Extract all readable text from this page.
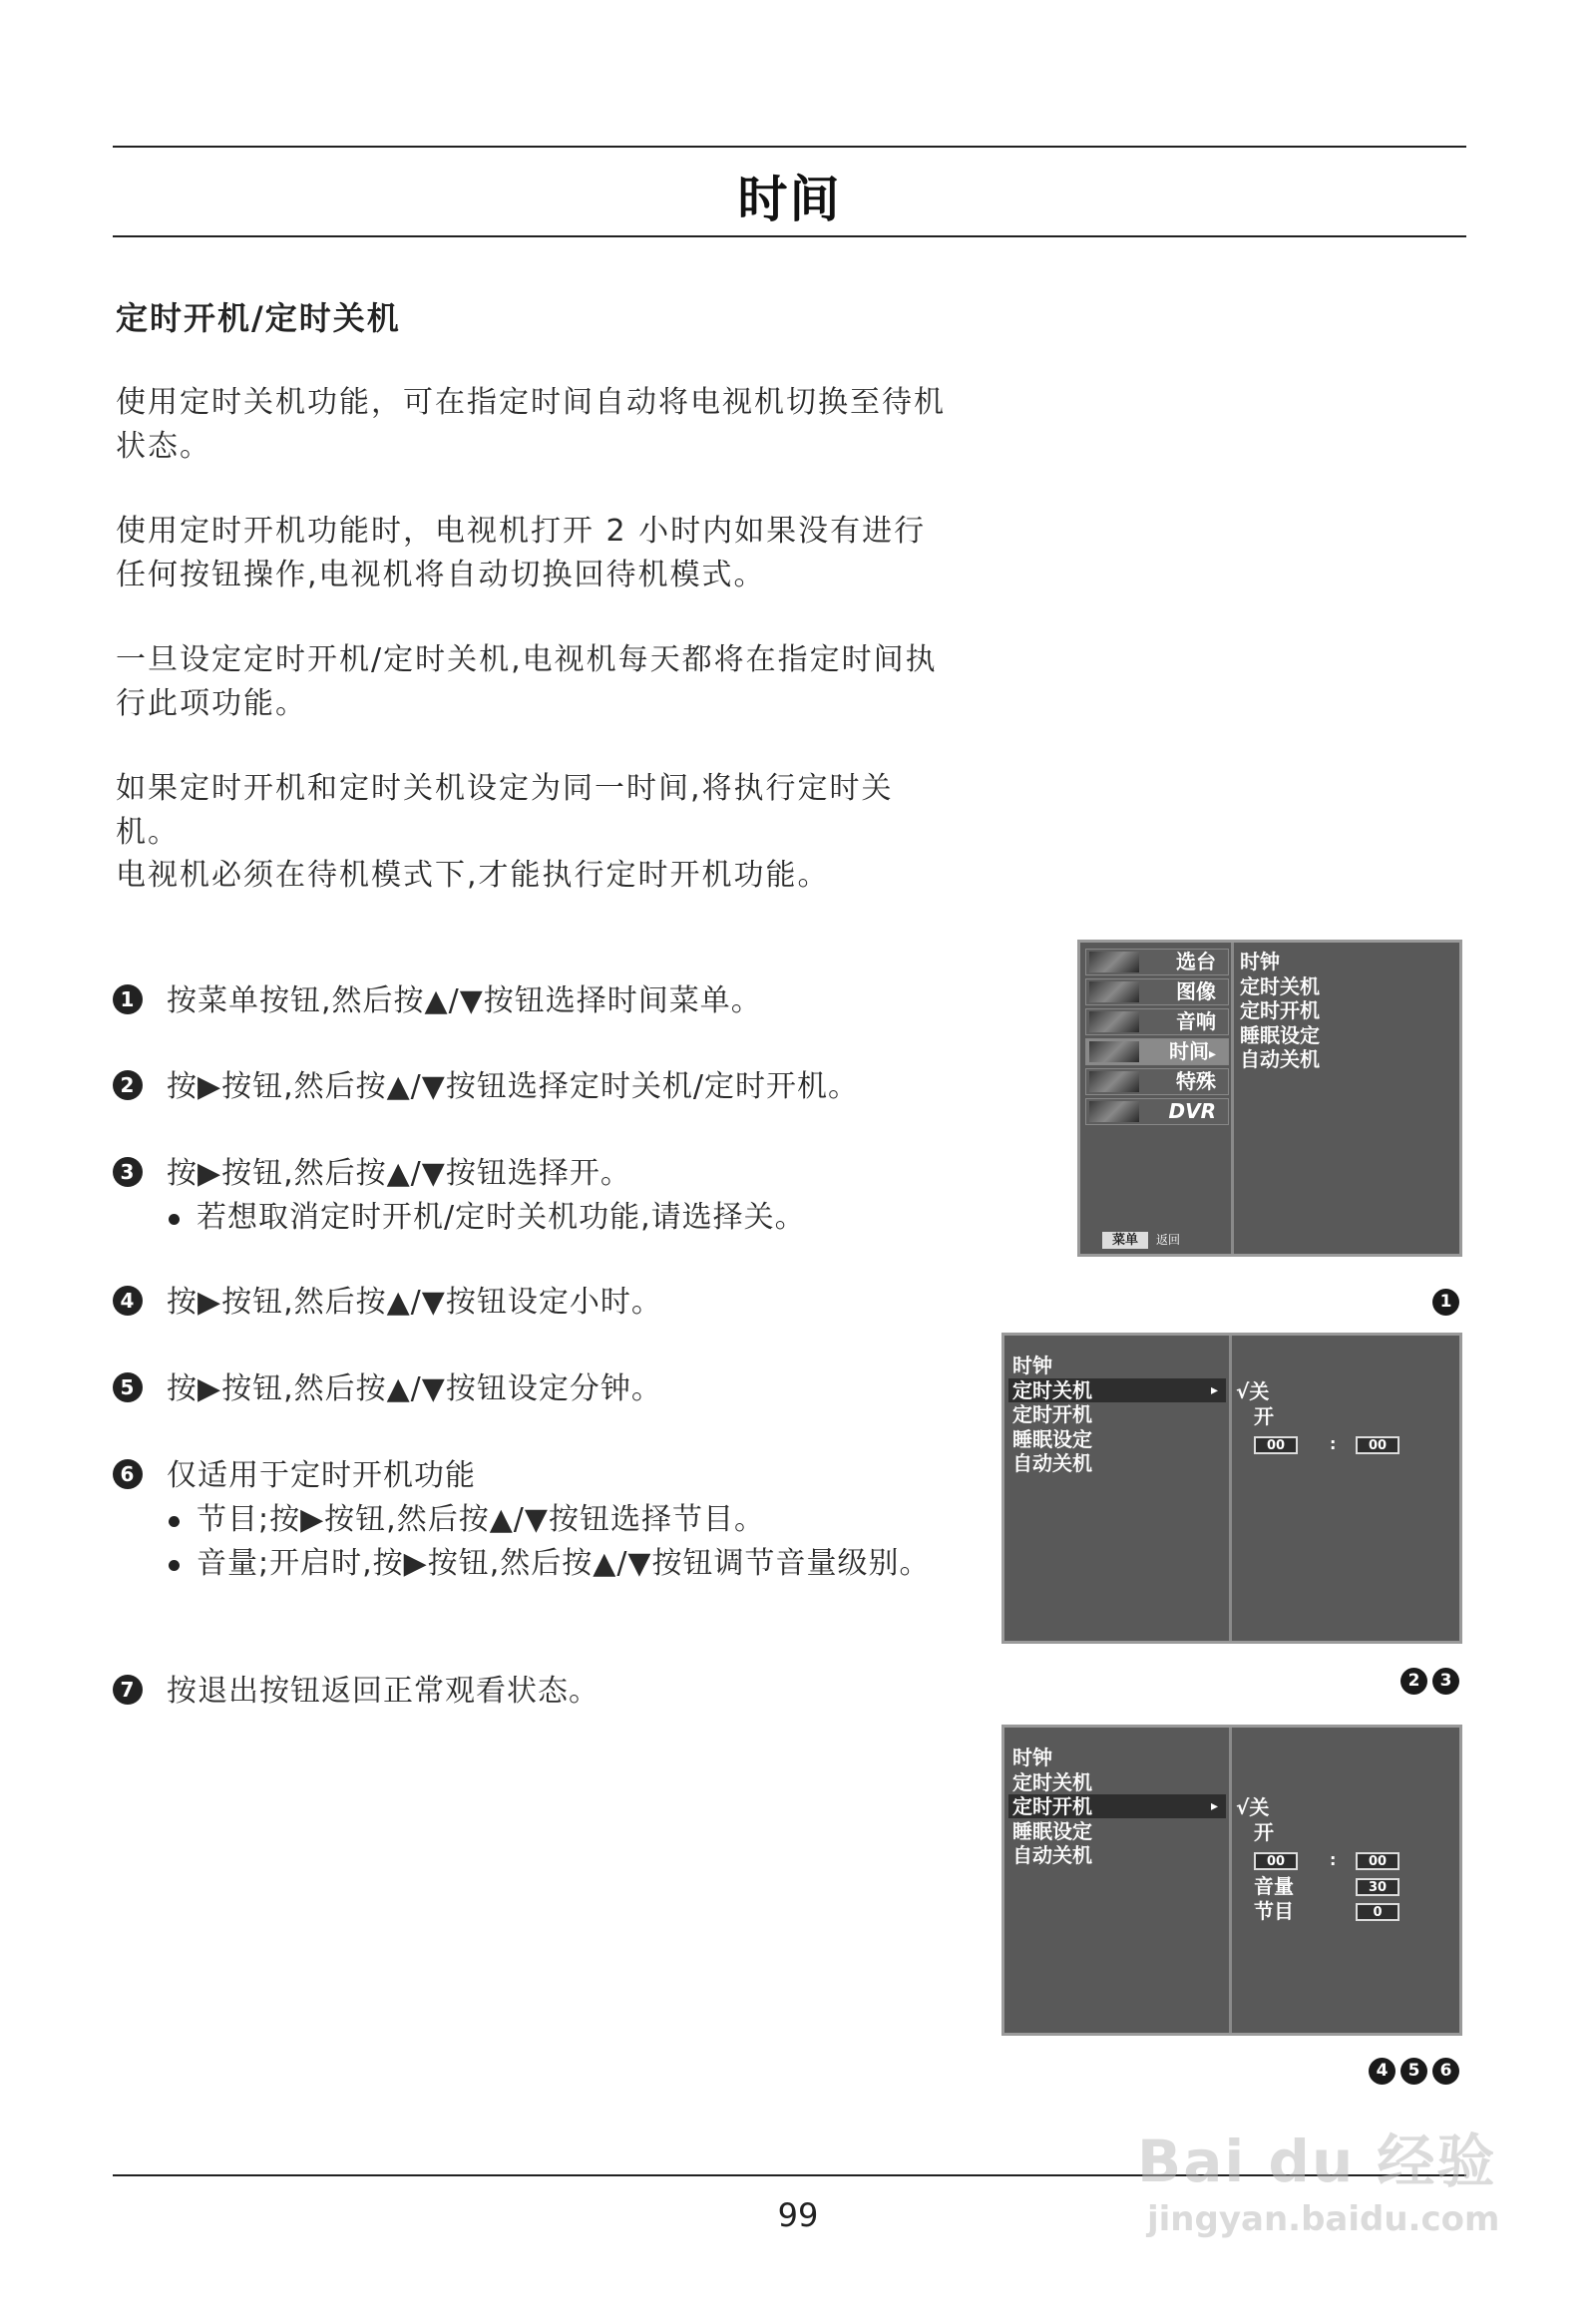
时间
定时开机/定时关机
使用定时关机功能，可在指定时间自动将电视机切换至待机状态。
使用定时开机功能时，电视机打开 2 小时内如果没有进行任何按钮操作,电视机将自动切换回待机模式。
一旦设定定时开机/定时关机,电视机每天都将在指定时间执行此项功能。
如果定时开机和定时关机设定为同一时间,将执行定时关机。
电视机必须在待机模式下,才能执行定时开机功能。
1 按菜单按钮,然后按▲/▼按钮选择时间菜单。
2 按▶按钮,然后按▲/▼按钮选择定时关机/定时开机。
3 按▶按钮,然后按▲/▼按钮选择开。
若想取消定时开机/定时关机功能,请选择关。
4 按▶按钮,然后按▲/▼按钮设定小时。
5 按▶按钮,然后按▲/▼按钮设定分钟。
6 仅适用于定时开机功能
节目;按▶按钮,然后按▲/▼按钮选择节目。
音量;开启时,按▶按钮,然后按▲/▼按钮调节音量级别。
7 按退出按钮返回正常观看状态。
选台
图像
音响
时间▸
特殊
DVR
时钟
定时关机
定时开机
睡眠设定
自动关机
菜单	返回
1
时钟
定时关机
定时开机
睡眠设定
自动关机
▸ √关
开
00	:	00
2 3
时钟
定时关机
定时开机
睡眠设定
自动关机
▸ √关
开
00	:	00
音量	30
节目	0
4 5 6
99
Bai du 经验
jingyan.baidu.com
